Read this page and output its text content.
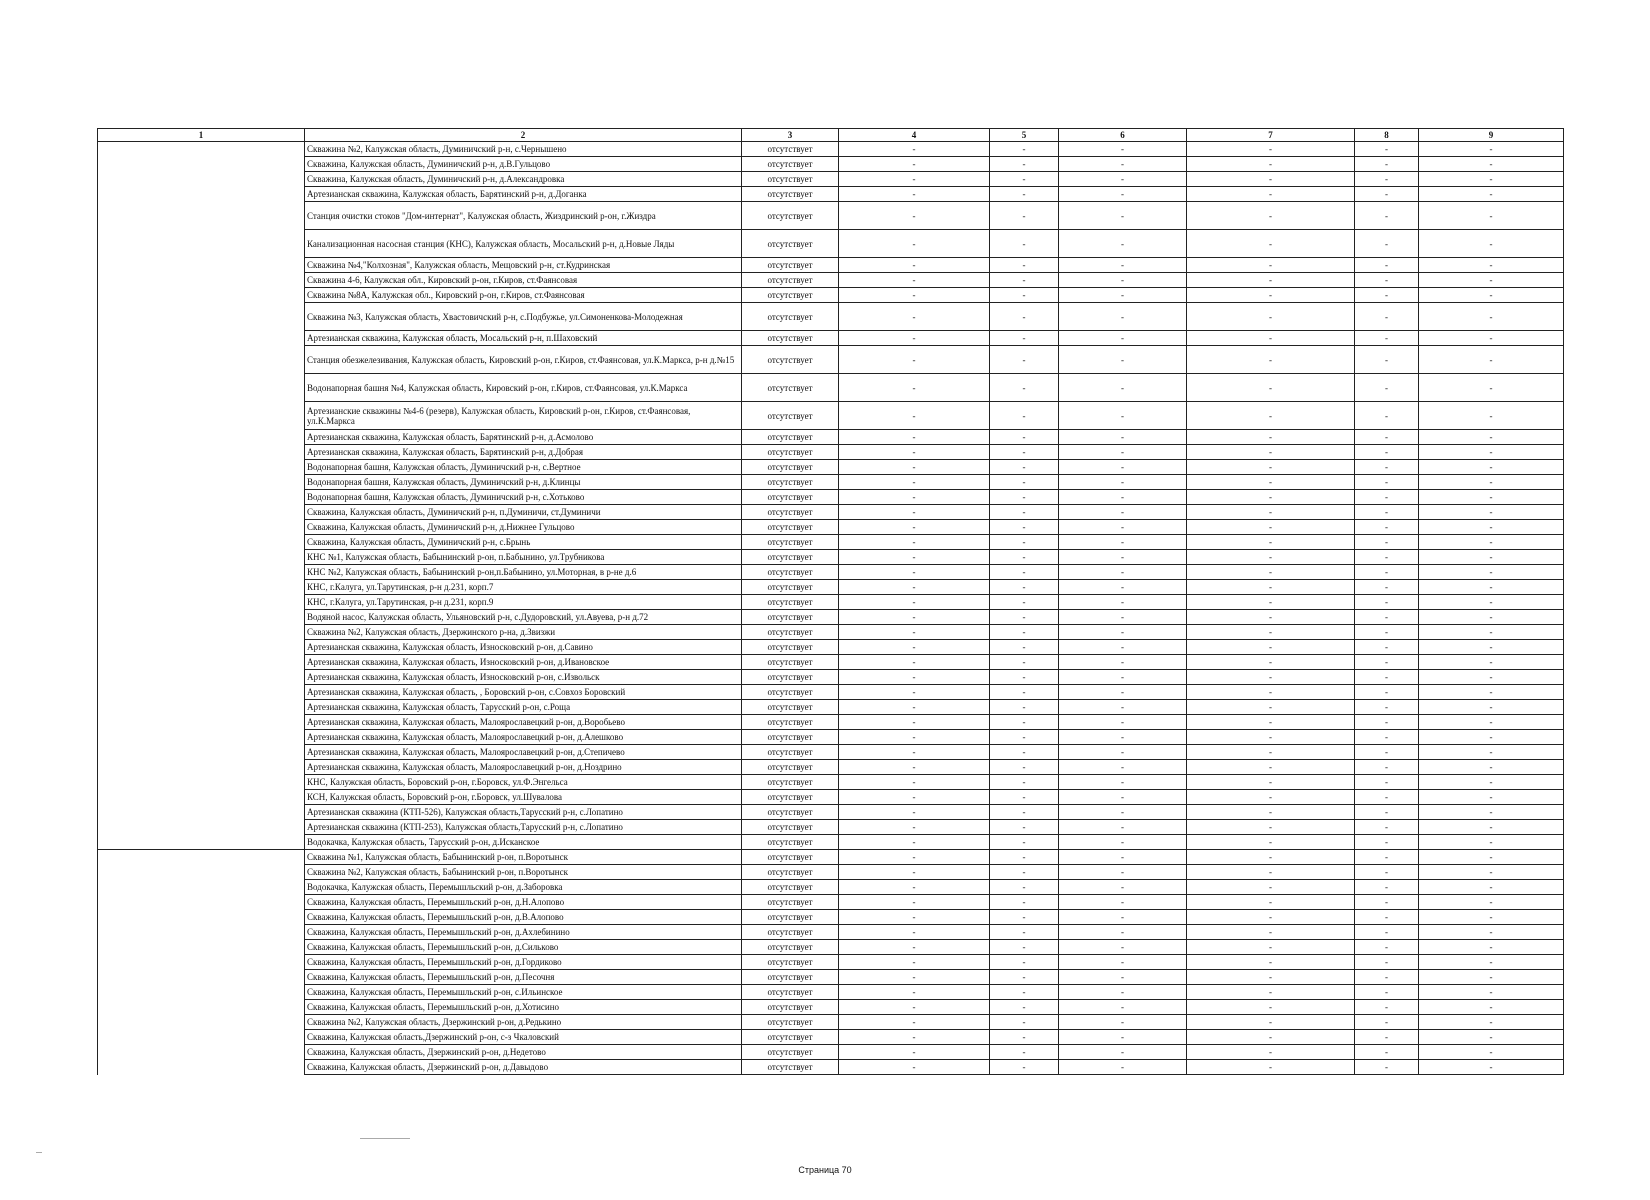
1	2	3	4	5	6	7	8	9
	Скважина №2, Калужская область, Думиничский р-н, с.Чернышено	отсутствует	-	-	-	-	-	-
	Скважина, Калужская область, Думиничский р-н, д.В.Гульцово	отсутствует	-	-	-	-	-	-
	Скважина, Калужская область, Думиничский р-н, д.Александровка	отсутствует	-	-	-	-	-	-
	Артезианская скважина, Калужская область, Барятинский р-н, д.Доганка	отсутствует	-	-	-	-	-	-
	Станция очистки стоков "Дом-интернат", Калужская область, Жиздринский р-он, г.Жиздра	отсутствует	-	-	-	-	-	-
	Канализационная насосная станция (КНС), Калужская область, Мосальский р-н, д.Новые Ляды	отсутствует	-	-	-	-	-	-
	Скважина №4,"Колхозная", Калужская область, Мещовский р-н, ст.Кудринская	отсутствует	-	-	-	-	-	-
	Скважина 4-6, Калужская обл., Кировский р-он, г.Киров, ст.Фаянсовая	отсутствует	-	-	-	-	-	-
	Скважина №8А, Калужская обл., Кировский р-он, г.Киров, ст.Фаянсовая	отсутствует	-	-	-	-	-	-
	Скважина №3, Калужская область, Хвастовичский р-н, с.Подбужье, ул.Симоненкова-Молодежная	отсутствует	-	-	-	-	-	-
	Артезианская скважина, Калужская область, Мосальский р-н, п.Шаховский	отсутствует	-	-	-	-	-	-
	Станция обезжелезивания, Калужская область, Кировский р-он, г.Киров, ст.Фаянсовая, ул.К.Маркса, р-н д.№15	отсутствует	-	-	-	-	-	-
	Водонапорная башня №4, Калужская область, Кировский р-он, г.Киров, ст.Фаянсовая, ул.К.Маркса	отсутствует	-	-	-	-	-	-
	Артезианские скважины №4-6 (резерв), Калужская область, Кировский р-он, г.Киров, ст.Фаянсовая, ул.К.Маркса	отсутствует	-	-	-	-	-	-
	Артезианская скважина, Калужская область, Барятинский р-н, д.Асмолово	отсутствует	-	-	-	-	-	-
	Артезианская скважина, Калужская область, Барятинский р-н, д.Добрая	отсутствует	-	-	-	-	-	-
	Водонапорная башня, Калужская область, Думиничский р-н, с.Вертное	отсутствует	-	-	-	-	-	-
	Водонапорная башня, Калужская область, Думиничский р-н, д.Клинцы	отсутствует	-	-	-	-	-	-
	Водонапорная башня, Калужская область, Думиничский р-н, с.Хотьково	отсутствует	-	-	-	-	-	-
	Скважина, Калужская область, Думиничский р-н, п.Думиничи, ст.Думиничи	отсутствует	-	-	-	-	-	-
	Скважина, Калужская область, Думиничский р-н, д.Нижнее Гульцово	отсутствует	-	-	-	-	-	-
	Скважина, Калужская область, Думиничский р-н, с.Брынь	отсутствует	-	-	-	-	-	-
	КНС №1, Калужская область, Бабынинский р-он, п.Бабынино, ул.Трубникова	отсутствует	-	-	-	-	-	-
	КНС №2, Калужская область, Бабынинский р-он,п.Бабынино, ул.Моторная, в р-не д.6	отсутствует	-	-	-	-	-	-
	КНС, г.Калуга, ул.Тарутинская, р-н д.231, корп.7	отсутствует	-	-	-	-	-	-
	КНС, г.Калуга, ул.Тарутинская, р-н д.231, корп.9	отсутствует	-	-	-	-	-	-
	Водяной насос, Калужская область, Ульяновский р-н, с.Дудоровский, ул.Авуева, р-н д.72	отсутствует	-	-	-	-	-	-
	Скважина №2, Калужская область, Дзержинского р-на, д.Звизжи	отсутствует	-	-	-	-	-	-
	Артезианская скважина, Калужская область, Износковский р-он, д.Савино	отсутствует	-	-	-	-	-	-
	Артезианская скважина, Калужская область, Износковский р-он, д.Ивановское	отсутствует	-	-	-	-	-	-
	Артезианская скважина, Калужская область, Износковский р-он, с.Извольск	отсутствует	-	-	-	-	-	-
	Артезианская скважина, Калужская область, , Боровский р-он, с.Совхоз Боровский	отсутствует	-	-	-	-	-	-
	Артезианская скважина, Калужская область, Тарусский р-он, с.Роща	отсутствует	-	-	-	-	-	-
	Артезианская скважина, Калужская область, Малоярославецкий р-он, д.Воробьево	отсутствует	-	-	-	-	-	-
	Артезианская скважина, Калужская область, Малоярославецкий р-он, д.Алешково	отсутствует	-	-	-	-	-	-
	Артезианская скважина, Калужская область, Малоярославецкий р-он, д.Степичево	отсутствует	-	-	-	-	-	-
	Артезианская скважина, Калужская область, Малоярославецкий р-он, д.Ноздрино	отсутствует	-	-	-	-	-	-
	КНС, Калужская область, Боровский р-он, г.Боровск, ул.Ф.Энгельса	отсутствует	-	-	-	-	-	-
	КСН, Калужская область, Боровский р-он, г.Боровск, ул.Шувалова	отсутствует	-	-	-	-	-	-
	Артезианская скважина (КТП-526), Калужская область,Тарусский р-н, с.Лопатино	отсутствует	-	-	-	-	-	-
	Артезианская скважина (КТП-253), Калужская область,Тарусский р-н, с.Лопатино	отсутствует	-	-	-	-	-	-
	Водокачка, Калужская область, Тарусский р-он, д.Исканское	отсутствует	-	-	-	-	-	-
	Скважина №1, Калужская область, Бабынинский р-он, п.Воротынск	отсутствует	-	-	-	-	-	-
	Скважина №2, Калужская область, Бабынинский р-он, п.Воротынск	отсутствует	-	-	-	-	-	-
	Водокачка, Калужская область, Перемышльский р-он, д.Заборовка	отсутствует	-	-	-	-	-	-
	Скважина, Калужская область, Перемышльский р-он, д.Н.Алопово	отсутствует	-	-	-	-	-	-
	Скважина, Калужская область, Перемышльский р-он, д.В.Алопово	отсутствует	-	-	-	-	-	-
	Скважина, Калужская область, Перемышльский р-он, д.Ахлебинино	отсутствует	-	-	-	-	-	-
	Скважина, Калужская область, Перемышльский р-он, д.Сильково	отсутствует	-	-	-	-	-	-
	Скважина, Калужская область, Перемышльский р-он, д.Гордиково	отсутствует	-	-	-	-	-	-
	Скважина, Калужская область, Перемышльский р-он, д.Песочня	отсутствует	-	-	-	-	-	-
	Скважина, Калужская область, Перемышльский р-он, с.Ильинское	отсутствует	-	-	-	-	-	-
	Скважина, Калужская область, Перемышльский р-он, д.Хотисино	отсутствует	-	-	-	-	-	-
	Скважина №2, Калужская область, Дзержинский р-он, д.Редькино	отсутствует	-	-	-	-	-	-
	Скважина, Калужская область,Дзержинский р-он, с-з Чкаловский	отсутствует	-	-	-	-	-	-
	Скважина, Калужская область, Дзержинский р-он, д.Недетово	отсутствует	-	-	-	-	-	-
	Скважина, Калужская область, Дзержинский р-он, д.Давыдово	отсутствует	-	-	-	-	-	-
Страница 70
